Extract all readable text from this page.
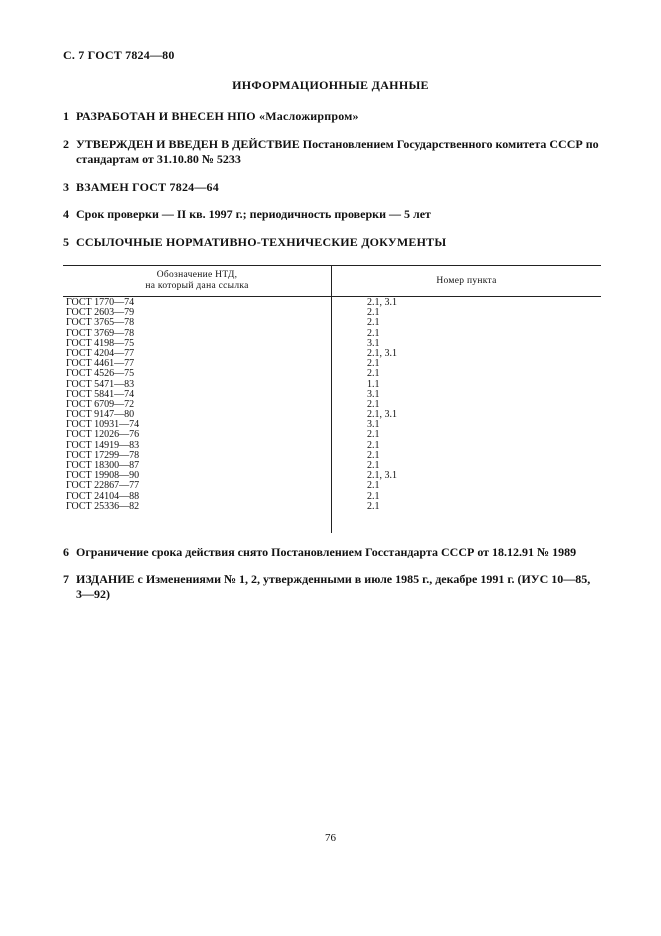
С. 7 ГОСТ 7824—80
ИНФОРМАЦИОННЫЕ ДАННЫЕ

1 РАЗРАБОТАН И ВНЕСЕН НПО «Масложирпром»

2 УТВЕРЖДЕН И ВВЕДЕН В ДЕЙСТВИЕ Постановлением Государственного комитета СССР по
стандартам от 31.10.80 № 5233

3 ВЗАМЕН ГОСТ 7824—64

4 Срок проверки — II кв. 1997 г.; периодичность проверки — 5 лет

5 ССЫЛОЧНЫЕ НОРМАТИВНО-ТЕХНИЧЕСКИЕ ДОКУМЕНТЫ

Обозначение НТД,
на который дана ссылка	Номер пункта
ГОСТ 1770—74	2.1, 3.1
ГОСТ 2603—79	2.1
ГОСТ 3765—78	2.1
ГОСТ 3769—78	2.1
ГОСТ 4198—75	3.1
ГОСТ 4204—77	2.1, 3.1
ГОСТ 4461—77	2.1
ГОСТ 4526—75	2.1
ГОСТ 5471—83	1.1
ГОСТ 5841—74	3.1
ГОСТ 6709—72	2.1
ГОСТ 9147—80	2.1, 3.1
ГОСТ 10931—74	3.1
ГОСТ 12026—76	2.1
ГОСТ 14919—83	2.1
ГОСТ 17299—78	2.1
ГОСТ 18300—87	2.1
ГОСТ 19908—90	2.1, 3.1
ГОСТ 22867—77	2.1
ГОСТ 24104—88	2.1
ГОСТ 25336—82	2.1

6 Ограничение срока действия снято Постановлением Госстандарта СССР от 18.12.91 № 1989

7 ИЗДАНИЕ с Изменениями № 1, 2, утвержденными в июле 1985 г., декабре 1991 г. (ИУС 10—85,
3—92)
76
